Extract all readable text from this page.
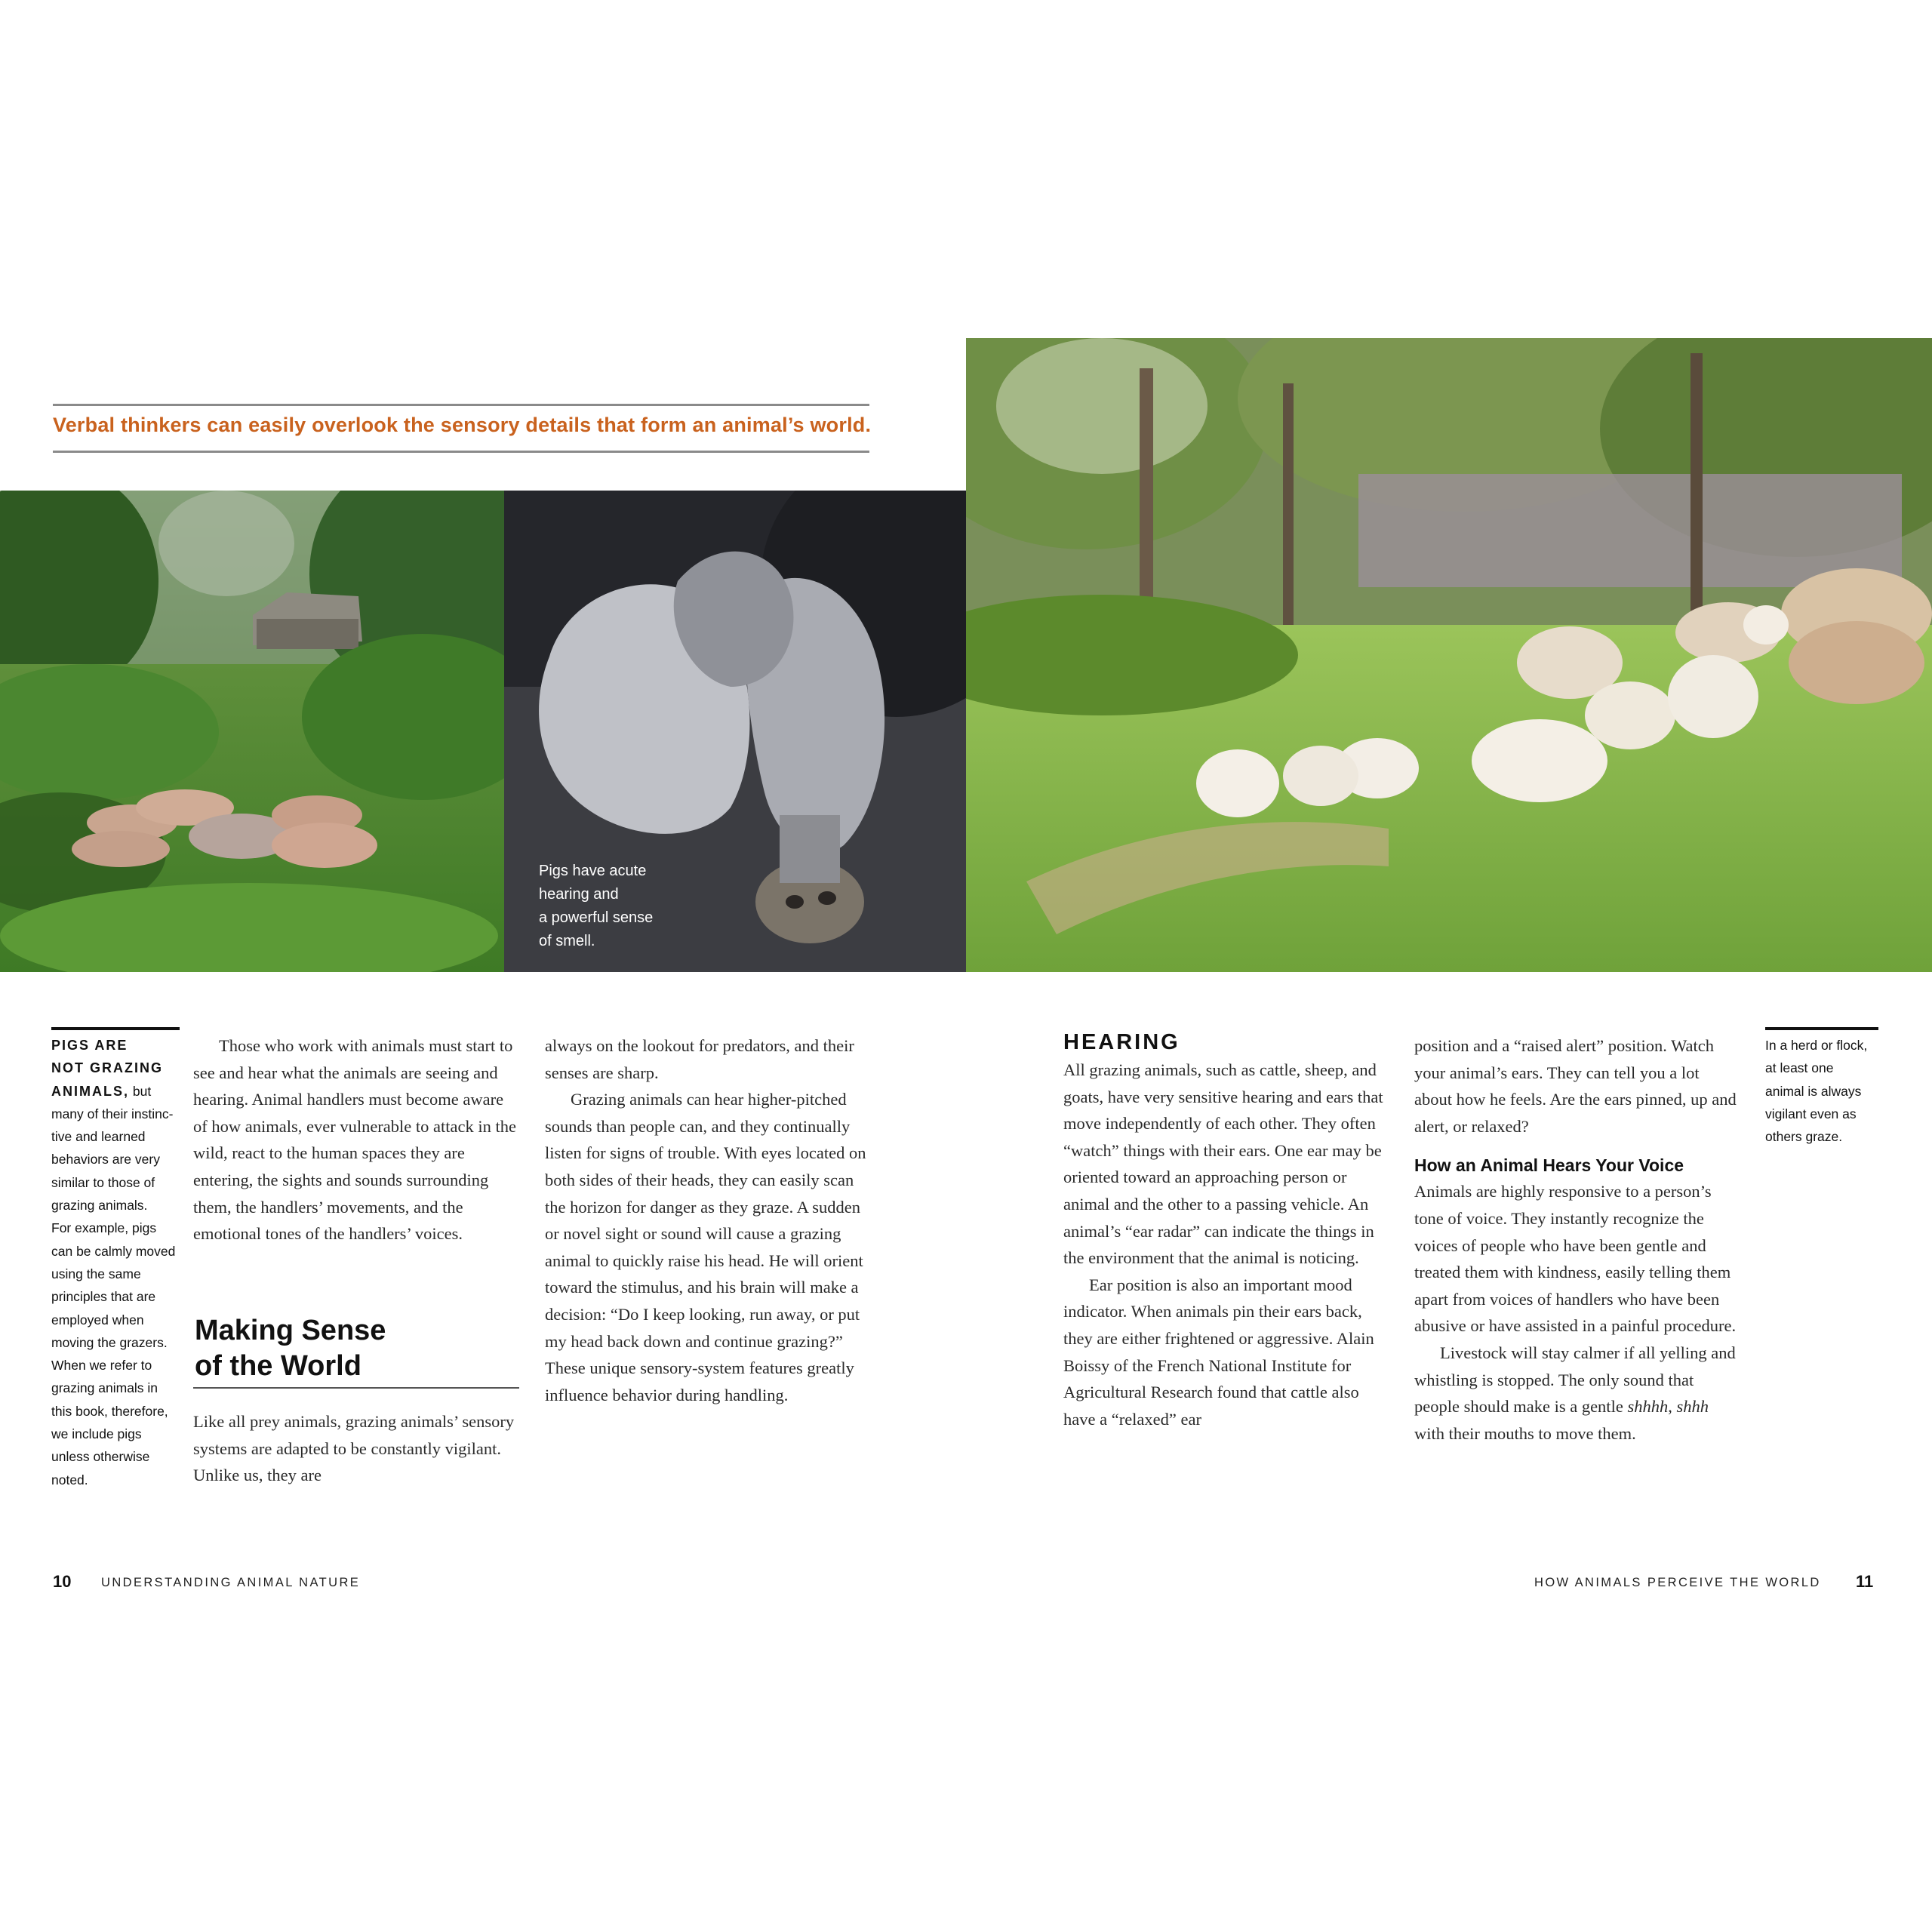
Verbal thinkers can easily overlook the sensory details that form an animal’s world.
Pigs have acute
hearing and
a powerful sense
of smell.
PIGS ARE
NOT GRAZING
ANIMALS, but
many of their instinc-
tive and learned
behaviors are very
similar to those of
grazing animals.
For example, pigs
can be calmly moved
using the same
principles that are
employed when
moving the grazers.
When we refer to
grazing animals in
this book, therefore,
we include pigs
unless otherwise
noted.

Those who work with animals must start to see and hear what the animals are seeing and hearing. Animal handlers must become aware of how animals, ever vulnerable to attack in the wild, react to the human spaces they are entering, the sights and sounds surrounding them, the handlers’ movements, and the emotional tones of the handlers’ voices.

Making Sense
of the World

Like all prey animals, grazing animals’ sensory systems are adapted to be constantly vigilant. Unlike us, they are

always on the lookout for predators, and their senses are sharp.

Grazing animals can hear higher-pitched sounds than people can, and they continually listen for signs of trouble. With eyes located on both sides of their heads, they can easily scan the horizon for danger as they graze. A sudden or novel sight or sound will cause a grazing animal to quickly raise his head. He will orient toward the stimulus, and his brain will make a decision: “Do I keep looking, run away, or put my head back down and continue grazing?” These unique sensory-system features greatly influence behavior during handling.

HEARING

All grazing animals, such as cattle, sheep, and goats, have very sensitive hearing and ears that move independently of each other. They often “watch” things with their ears. One ear may be oriented toward an approaching person or animal and the other to a passing vehicle. An animal’s “ear radar” can indicate the things in the environment that the animal is noticing.

Ear position is also an important mood indicator. When animals pin their ears back, they are either frightened or aggressive. Alain Boissy of the French National Institute for Agricultural Research found that cattle also have a “relaxed” ear

position and a “raised alert” position. Watch your animal’s ears. They can tell you a lot about how he feels. Are the ears pinned, up and alert, or relaxed?

How an Animal Hears Your Voice

Animals are highly responsive to a person’s tone of voice. They instantly recognize the voices of people who have been gentle and treated them with kindness, easily telling them apart from voices of handlers who have been abusive or have assisted in a painful procedure.

Livestock will stay calmer if all yelling and whistling is stopped. The only sound that people should make is a gentle shhhh, shhh with their mouths to move them.

In a herd or flock,
at least one
animal is always
vigilant even as
others graze.
10 UNDERSTANDING ANIMAL NATURE	HOW ANIMALS PERCEIVE THE WORLD 11
